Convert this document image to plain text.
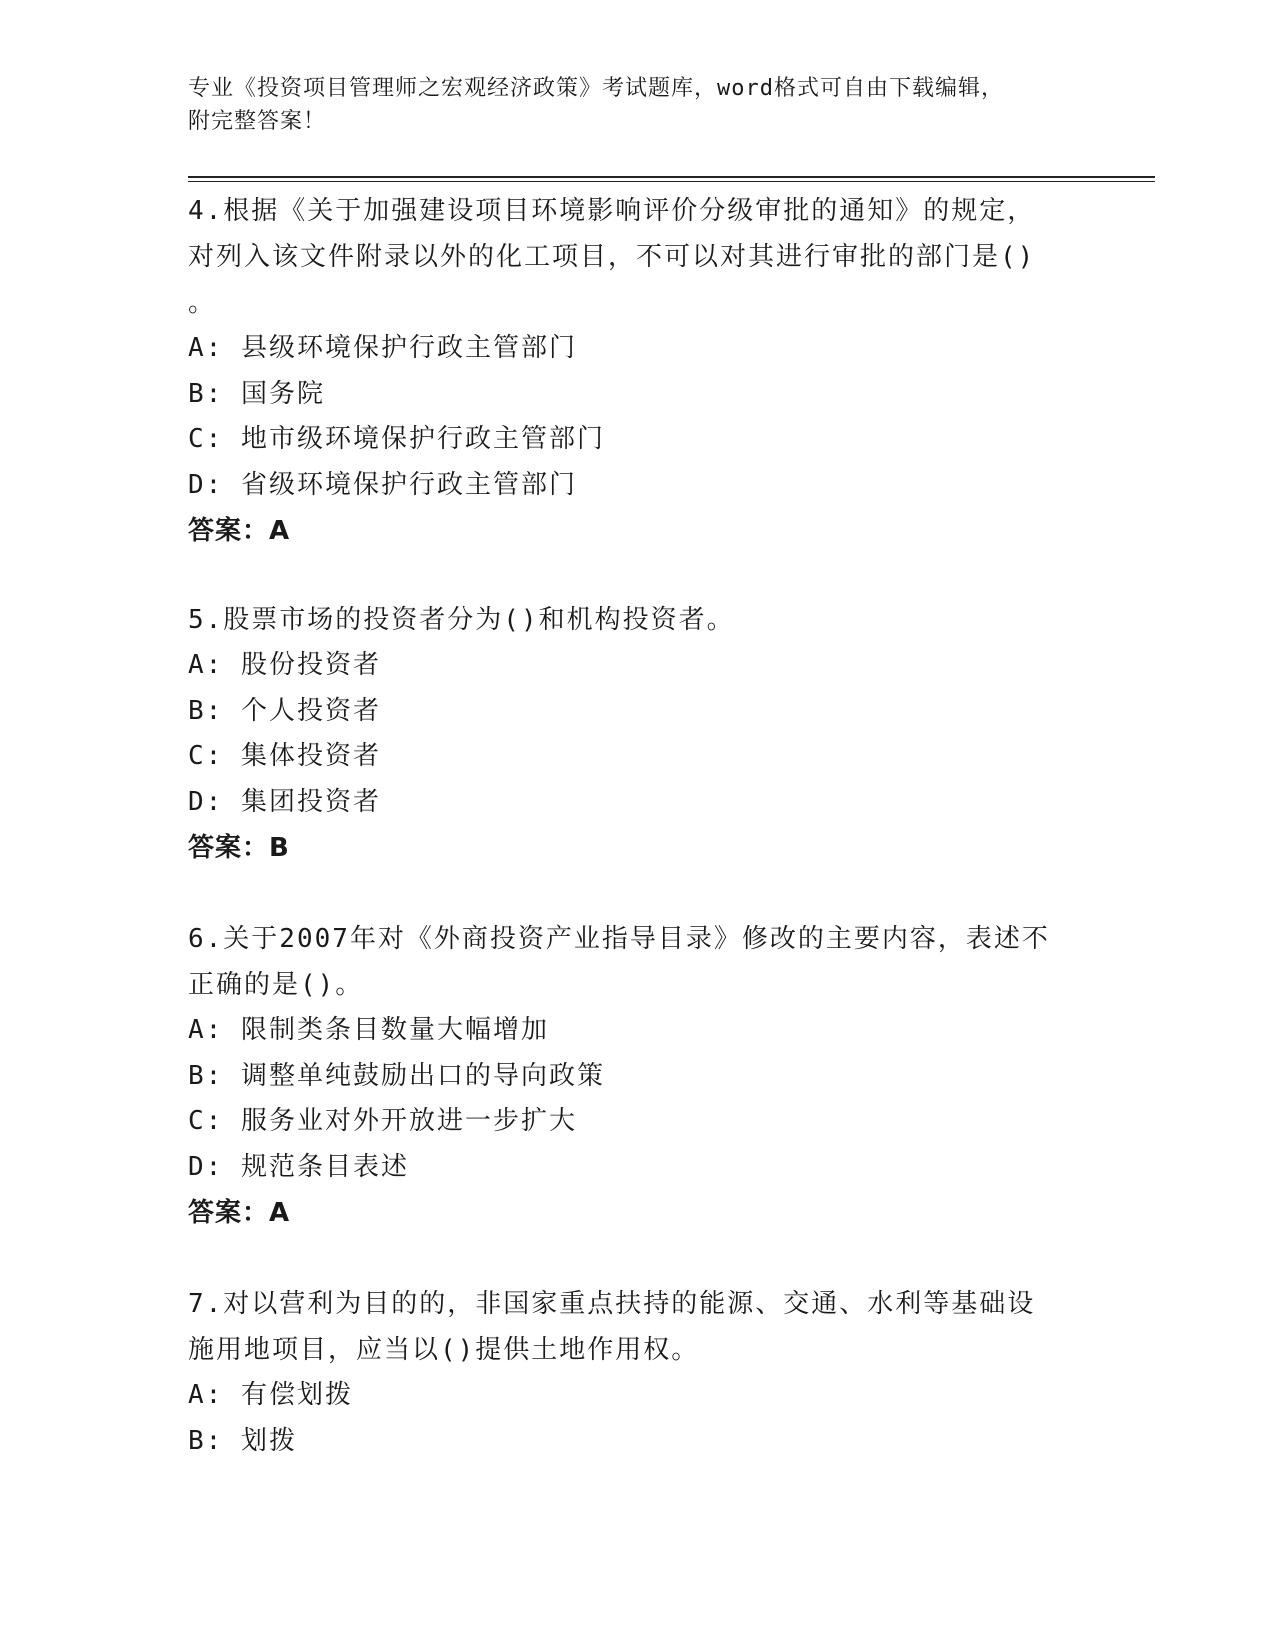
专业《投资项目管理师之宏观经济政策》考试题库，word格式可自由下载编辑，
附完整答案！
4.根据《关于加强建设项目环境影响评价分级审批的通知》的规定，
对列入该文件附录以外的化工项目，不可以对其进行审批的部门是()
。
A: 县级环境保护行政主管部门
B: 国务院
C: 地市级环境保护行政主管部门
D: 省级环境保护行政主管部门
答案：A
5.股票市场的投资者分为()和机构投资者。
A: 股份投资者
B: 个人投资者
C: 集体投资者
D: 集团投资者
答案：B
6.关于2007年对《外商投资产业指导目录》修改的主要内容，表述不
正确的是()。
A: 限制类条目数量大幅增加
B: 调整单纯鼓励出口的导向政策
C: 服务业对外开放进一步扩大
D: 规范条目表述
答案：A
7.对以营利为目的的，非国家重点扶持的能源、交通、水利等基础设
施用地项目，应当以()提供土地作用权。
A: 有偿划拨
B: 划拨
